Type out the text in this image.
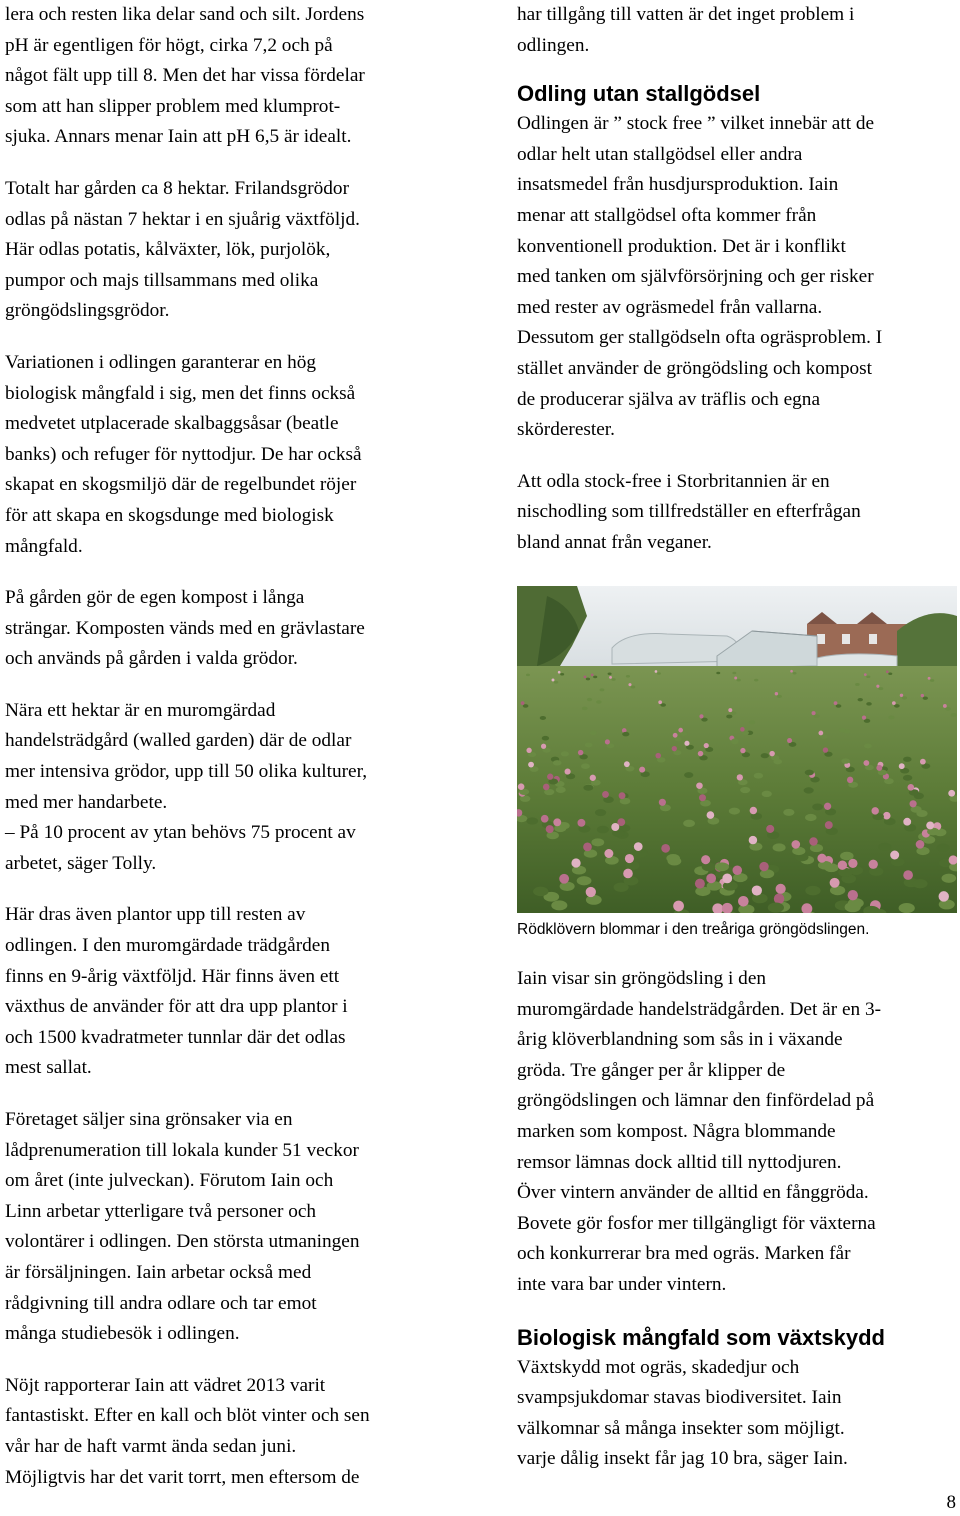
lera och resten lika delar sand och silt. Jordens
pH är egentligen för högt, cirka 7,2 och på
något fält upp till 8. Men det har vissa fördelar
som att han slipper problem med klumprot-
sjuka. Annars menar Iain att pH 6,5 är idealt.

Totalt har gården ca 8 hektar. Frilandsgrödor
odlas på nästan 7 hektar i en sjuårig växtföljd.
Här odlas potatis, kålväxter, lök, purjolök,
pumpor och majs tillsammans med olika
gröngödslingsgrödor.

Variationen i odlingen garanterar en hög
biologisk mångfald i sig, men det finns också
medvetet utplacerade skalbaggsåsar (beatle
banks) och refuger för nyttodjur. De har också
skapat en skogsmiljö där de regelbundet röjer
för att skapa en skogsdunge med biologisk
mångfald.

På gården gör de egen kompost i långa
strängar. Komposten vänds med en grävlastare
och används på gården i valda grödor.

Nära ett hektar är en muromgärdad
handelsträdgård (walled garden) där de odlar
mer intensiva grödor, upp till 50 olika kulturer,
med mer handarbete.
– På 10 procent av ytan behövs 75 procent av
arbetet, säger Tolly.

Här dras även plantor upp till resten av
odlingen. I den muromgärdade trädgården
finns en 9-årig växtföljd. Här finns även ett
växthus de använder för att dra upp plantor i
och 1500 kvadratmeter tunnlar där det odlas
mest sallat.

Företaget säljer sina grönsaker via en
lådprenumeration till lokala kunder 51 veckor
om året (inte julveckan). Förutom Iain och
Linn arbetar ytterligare två personer och
volontärer i odlingen. Den största utmaningen
är försäljningen. Iain arbetar också med
rådgivning till andra odlare och tar emot
många studiebesök i odlingen.

Nöjt rapporterar Iain att vädret 2013 varit
fantastiskt. Efter en kall och blöt vinter och sen
vår har de haft varmt ända sedan juni.
Möjligtvis har det varit torrt, men eftersom de

har tillgång till vatten är det inget problem i
odlingen.

Odling utan stallgödsel

Odlingen är ” stock free ” vilket innebär att de
odlar helt utan stallgödsel eller andra
insatsmedel från husdjursproduktion. Iain
menar att stallgödsel ofta kommer från
konventionell produktion. Det är i konflikt
med tanken om självförsörjning och ger risker
med rester av ogräsmedel från vallarna.
Dessutom ger stallgödseln ofta ogräsproblem. I
stället använder de gröngödsling och kompost
de producerar själva av träflis och egna
skörderester.

Att odla stock-free i Storbritannien är en
nischodling som tillfredställer en efterfrågan
bland annat från veganer.

Rödklövern blommar i den treåriga gröngödslingen.

Iain visar sin gröngödsling i den
muromgärdade handelsträdgården. Det är en 3-
årig klöverblandning som sås in i växande
gröda. Tre gånger per år klipper de
gröngödslingen och lämnar den finfördelad på
marken som kompost. Några blommande
remsor lämnas dock alltid till nyttodjuren.
Över vintern använder de alltid en fånggröda.
Bovete gör fosfor mer tillgängligt för växterna
och konkurrerar bra med ogräs. Marken får
inte vara bar under vintern.

Biologisk mångfald som växtskydd

Växtskydd mot ogräs, skadedjur och
svampsjukdomar stavas biodiversitet. Iain
välkomnar så många insekter som möjligt.
varje dålig insekt får jag 10 bra, säger Iain.

8
